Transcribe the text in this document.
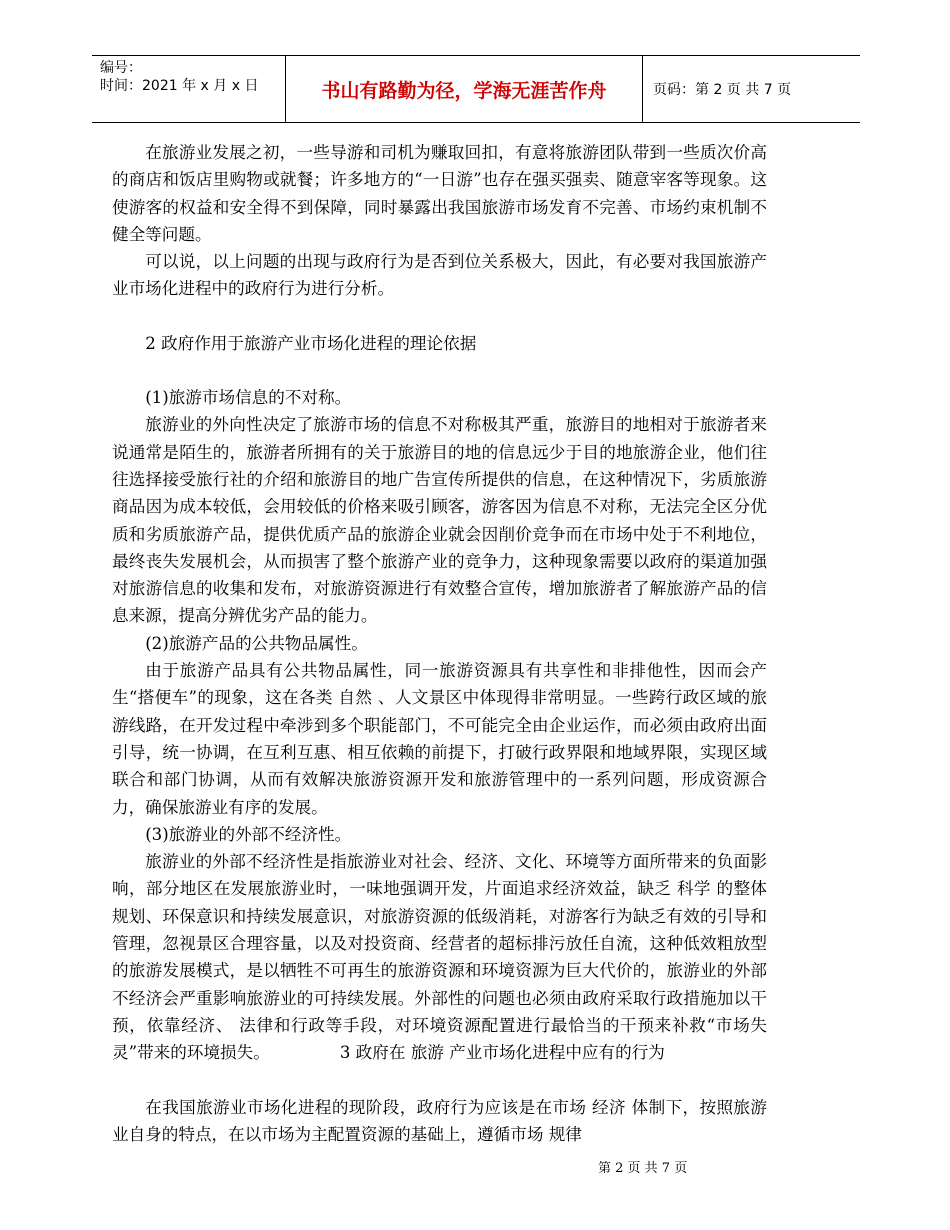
编号：
时间：2021 年 x 月 x 日	书山有路勤为径，学海无涯苦作舟	页码：第 2 页 共 7 页

在旅游业发展之初，一些导游和司机为赚取回扣，有意将旅游团队带到一些质次价高的商店和饭店里购物或就餐；许多地方的“一日游”也存在强买强卖、随意宰客等现象。这使游客的权益和安全得不到保障，同时暴露出我国旅游市场发育不完善、市场约束机制不健全等问题。

可以说，以上问题的出现与政府行为是否到位关系极大，因此，有必要对我国旅游产业市场化进程中的政府行为进行分析。

2 政府作用于旅游产业市场化进程的理论依据

(1)旅游市场信息的不对称。

旅游业的外向性决定了旅游市场的信息不对称极其严重，旅游目的地相对于旅游者来说通常是陌生的，旅游者所拥有的关于旅游目的地的信息远少于目的地旅游企业，他们往往选择接受旅行社的介绍和旅游目的地广告宣传所提供的信息，在这种情况下，劣质旅游商品因为成本较低，会用较低的价格来吸引顾客，游客因为信息不对称，无法完全区分优质和劣质旅游产品，提供优质产品的旅游企业就会因削价竞争而在市场中处于不利地位，最终丧失发展机会，从而损害了整个旅游产业的竞争力，这种现象需要以政府的渠道加强对旅游信息的收集和发布，对旅游资源进行有效整合宣传，增加旅游者了解旅游产品的信息来源，提高分辨优劣产品的能力。

(2)旅游产品的公共物品属性。

由于旅游产品具有公共物品属性，同一旅游资源具有共享性和非排他性，因而会产生“搭便车”的现象，这在各类 自然 、人文景区中体现得非常明显。一些跨行政区域的旅游线路，在开发过程中牵涉到多个职能部门，不可能完全由企业运作，而必须由政府出面引导，统一协调，在互利互惠、相互依赖的前提下，打破行政界限和地域界限，实现区域联合和部门协调，从而有效解决旅游资源开发和旅游管理中的一系列问题，形成资源合力，确保旅游业有序的发展。

(3)旅游业的外部不经济性。

旅游业的外部不经济性是指旅游业对社会、经济、文化、环境等方面所带来的负面影响，部分地区在发展旅游业时，一味地强调开发，片面追求经济效益，缺乏 科学 的整体规划、环保意识和持续发展意识，对旅游资源的低级消耗，对游客行为缺乏有效的引导和管理，忽视景区合理容量，以及对投资商、经营者的超标排污放任自流，这种低效粗放型的旅游发展模式，是以牺牲不可再生的旅游资源和环境资源为巨大代价的，旅游业的外部不经济会严重影响旅游业的可持续发展。外部性的问题也必须由政府采取行政措施加以干预，依靠经济、 法律和行政等手段，对环境资源配置进行最恰当的干预来补救“市场失灵”带来的环境损失。	3 政府在 旅游 产业市场化进程中应有的行为

在我国旅游业市场化进程的现阶段，政府行为应该是在市场 经济 体制下，按照旅游业自身的特点，在以市场为主配置资源的基础上，遵循市场 规律

第 2 页 共 7 页
